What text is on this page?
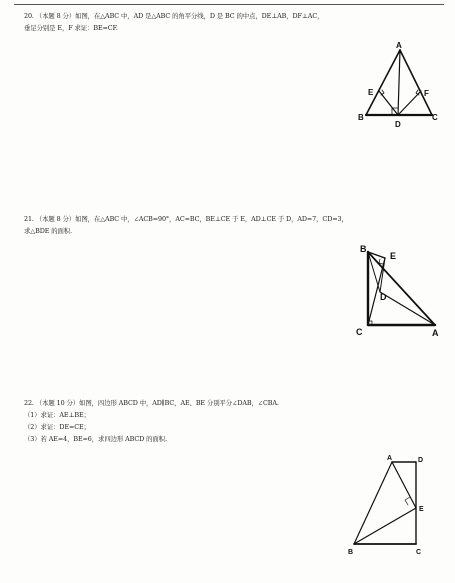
20. （本题 8 分）如图，在△ABC 中，AD 是△ABC 的角平分线，D 是 BC 的中点，DE⊥AB，DF⊥AC，
垂足分别是 E，F 求证：BE=CF.
A
E	F
B	C
D
21. （本题 8 分）如图，在△ABC 中，∠ACB=90°，AC=BC，BE⊥CE 于 E，AD⊥CE 于 D，AD=7，CD=3，
求△BDE 的面积.
B
E
D
C	A
22. （本题 10 分）如图，四边形 ABCD 中，AD∥BC，AE、BE 分别平分∠DAB，∠CBA.
（1）求证：AE⊥BE；
（2）求证：DE=CE；
（3）若 AE=4，BE=6，求四边形 ABCD 的面积.
A	D
E
B	C
